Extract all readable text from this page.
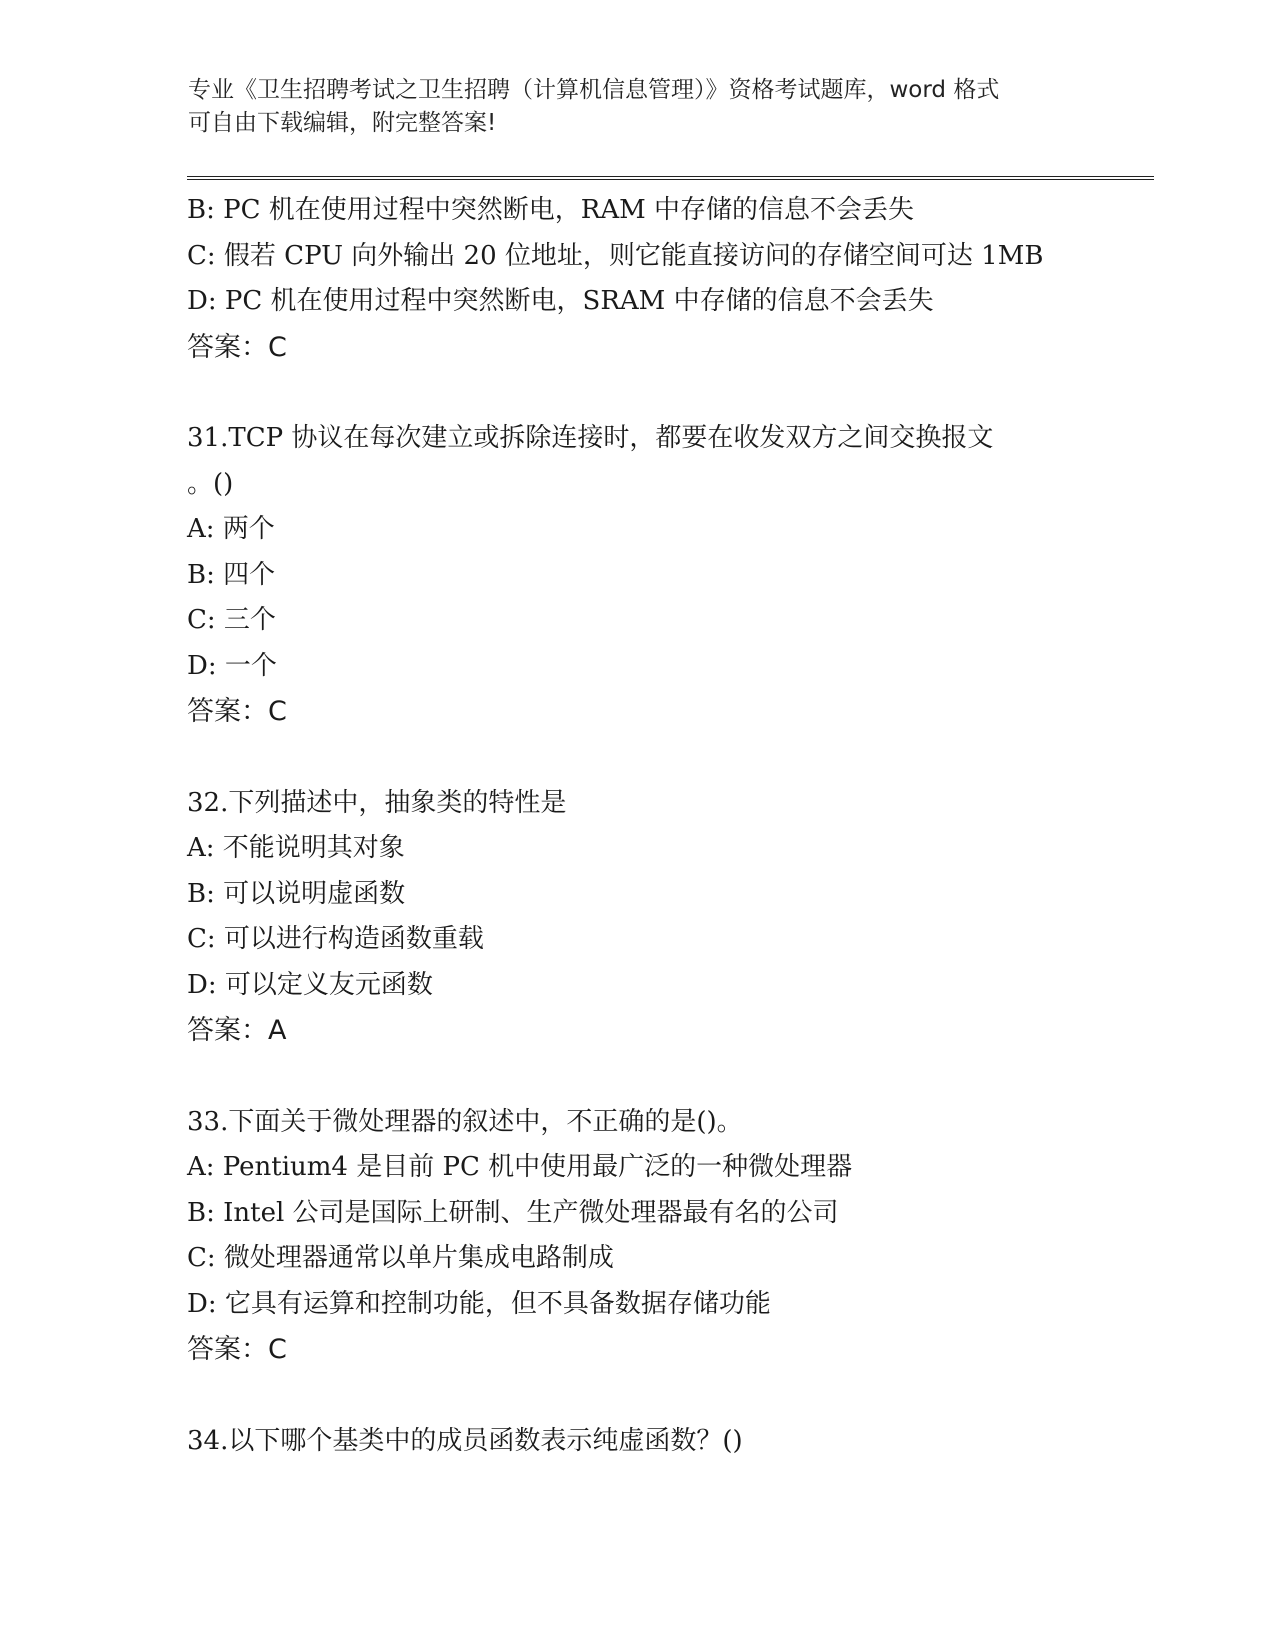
专业《卫生招聘考试之卫生招聘（计算机信息管理）》资格考试题库，word 格式
可自由下载编辑，附完整答案!
B: PC 机在使用过程中突然断电，RAM 中存储的信息不会丢失
C: 假若 CPU 向外输出 20 位地址，则它能直接访问的存储空间可达 1MB
D: PC 机在使用过程中突然断电，SRAM 中存储的信息不会丢失
答案：C
31.TCP 协议在每次建立或拆除连接时，都要在收发双方之间交换报文
。()
A: 两个
B: 四个
C: 三个
D: 一个
答案：C
32.下列描述中，抽象类的特性是
A: 不能说明其对象
B: 可以说明虚函数
C: 可以进行构造函数重载
D: 可以定义友元函数
答案：A
33.下面关于微处理器的叙述中，不正确的是()。
A: Pentium4 是目前 PC 机中使用最广泛的一种微处理器
B: Intel 公司是国际上研制、生产微处理器最有名的公司
C: 微处理器通常以单片集成电路制成
D: 它具有运算和控制功能，但不具备数据存储功能
答案：C
34.以下哪个基类中的成员函数表示纯虚函数？()
